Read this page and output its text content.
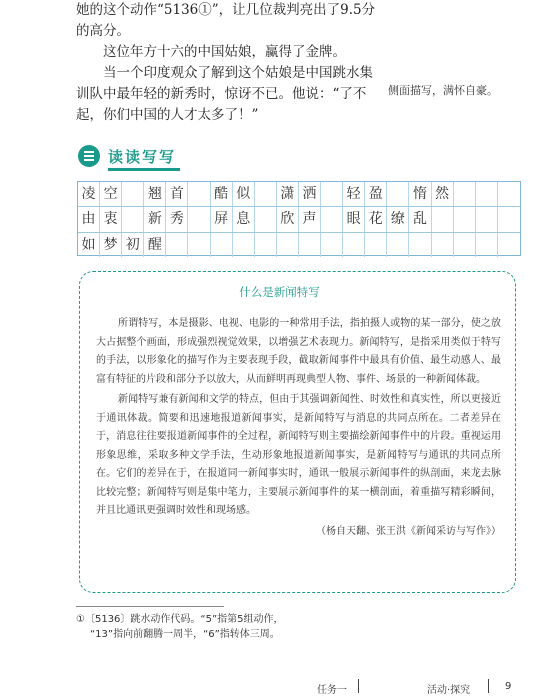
她的这个动作“5136①”，让几位裁判亮出了9.5分的高分。

这位年方十六的中国姑娘，赢得了金牌。

当一个印度观众了解到这个姑娘是中国跳水集训队中最年轻的新秀时，惊讶不已。他说：“了不起，你们中国的人才太多了！”

侧面描写，满怀自豪。
读读写写
凌 空	翘 首	酷 似	潇 洒	轻 盈	惰 然
由 衷	新 秀	屏 息	欣 声	眼 花 缭 乱
如 梦 初 醒
什么是新闻特写

所谓特写，本是摄影、电视、电影的一种常用手法，指拍摄人或物的某一部分，使之放大占据整个画面，形成强烈视觉效果，以增强艺术表现力。新闻特写，是指采用类似于特写的手法，以形象化的描写作为主要表现手段，截取新闻事件中最具有价值、最生动感人、最富有特征的片段和部分予以放大，从而鲜明再现典型人物、事件、场景的一种新闻体裁。

新闻特写兼有新闻和文学的特点，但由于其强调新闻性、时效性和真实性，所以更接近于通讯体裁。简要和迅速地报道新闻事实，是新闻特写与消息的共同点所在。二者差异在于，消息往往要报道新闻事件的全过程，新闻特写则主要描绘新闻事件中的片段。重视运用形象思维，采取多种文学手法，生动形象地报道新闻事实，是新闻特写与通讯的共同点所在。它们的差异在于，在报道同一新闻事实时，通讯一般展示新闻事件的纵剖面，来龙去脉比较完整；新闻特写则是集中笔力，主要展示新闻事件的某一横剖面，着重描写精彩瞬间，并且比通讯更强调时效性和现场感。

（杨自天翻、张王洪《新闻采访与写作》）

①〔5136〕跳水动作代码。“5”指第5组动作，
“13”指向前翻腾一周半，“6”指转体三周。
任务一	活动·探究	9
